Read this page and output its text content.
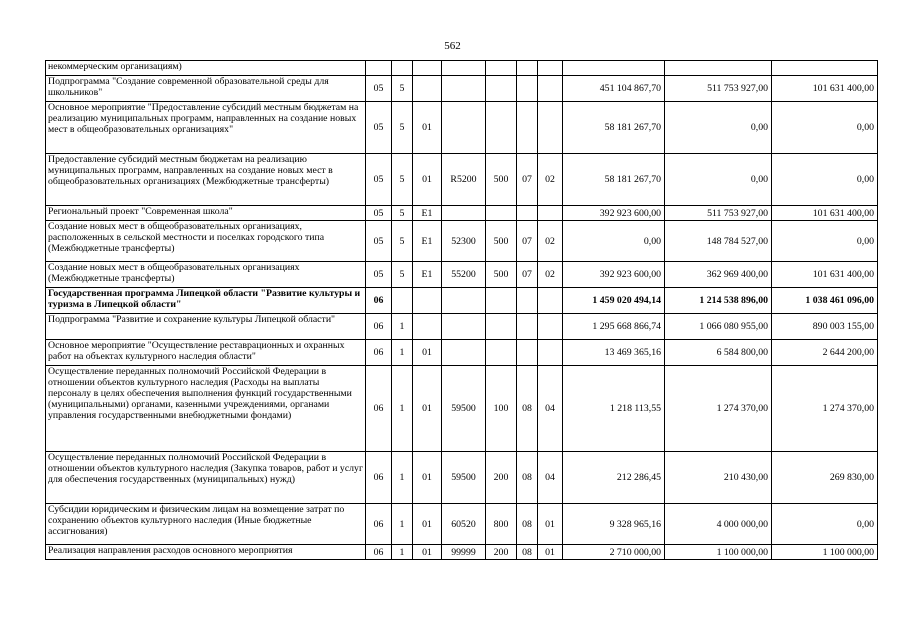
562
некоммерческим организациям)										
Подпрограмма "Создание современной образовательной среды для школьников"	05	5						451 104 867,70	511 753 927,00	101 631 400,00
Основное мероприятие "Предоставление субсидий местным бюджетам на реализацию муниципальных программ, направленных на создание новых мест в общеобразовательных организациях"	05	5	01					58 181 267,70	0,00	0,00
Предоставление субсидий местным бюджетам на реализацию муниципальных программ, направленных на создание новых мест в общеобразовательных организациях (Межбюджетные трансферты)	05	5	01	R5200	500	07	02	58 181 267,70	0,00	0,00
Региональный проект "Современная школа"	05	5	E1					392 923 600,00	511 753 927,00	101 631 400,00
Создание новых мест в общеобразовательных организациях, расположенных в сельской местности и поселках городского типа (Межбюджетные трансферты)	05	5	E1	52300	500	07	02	0,00	148 784 527,00	0,00
Создание новых мест в общеобразовательных организациях (Межбюджетные трансферты)	05	5	E1	55200	500	07	02	392 923 600,00	362 969 400,00	101 631 400,00
Государственная программа Липецкой области "Развитие культуры и туризма в Липецкой области"	06							1 459 020 494,14	1 214 538 896,00	1 038 461 096,00
Подпрограмма "Развитие и сохранение культуры Липецкой области"	06	1						1 295 668 866,74	1 066 080 955,00	890 003 155,00
Основное мероприятие "Осуществление реставрационных и охранных работ на объектах культурного наследия области"	06	1	01					13 469 365,16	6 584 800,00	2 644 200,00
Осуществление переданных полномочий Российской Федерации в отношении объектов культурного наследия (Расходы на выплаты персоналу в целях обеспечения выполнения функций государственными (муниципальными) органами, казенными учреждениями, органами управления государственными внебюджетными фондами)	06	1	01	59500	100	08	04	1 218 113,55	1 274 370,00	1 274 370,00
Осуществление переданных полномочий Российской Федерации в отношении объектов культурного наследия (Закупка товаров, работ и услуг для обеспечения государственных (муниципальных) нужд)	06	1	01	59500	200	08	04	212 286,45	210 430,00	269 830,00
Субсидии юридическим и физическим лицам на возмещение затрат по сохранению объектов культурного наследия (Иные бюджетные ассигнования)	06	1	01	60520	800	08	01	9 328 965,16	4 000 000,00	0,00
Реализация направления расходов основного мероприятия	06	1	01	99999	200	08	01	2 710 000,00	1 100 000,00	1 100 000,00
